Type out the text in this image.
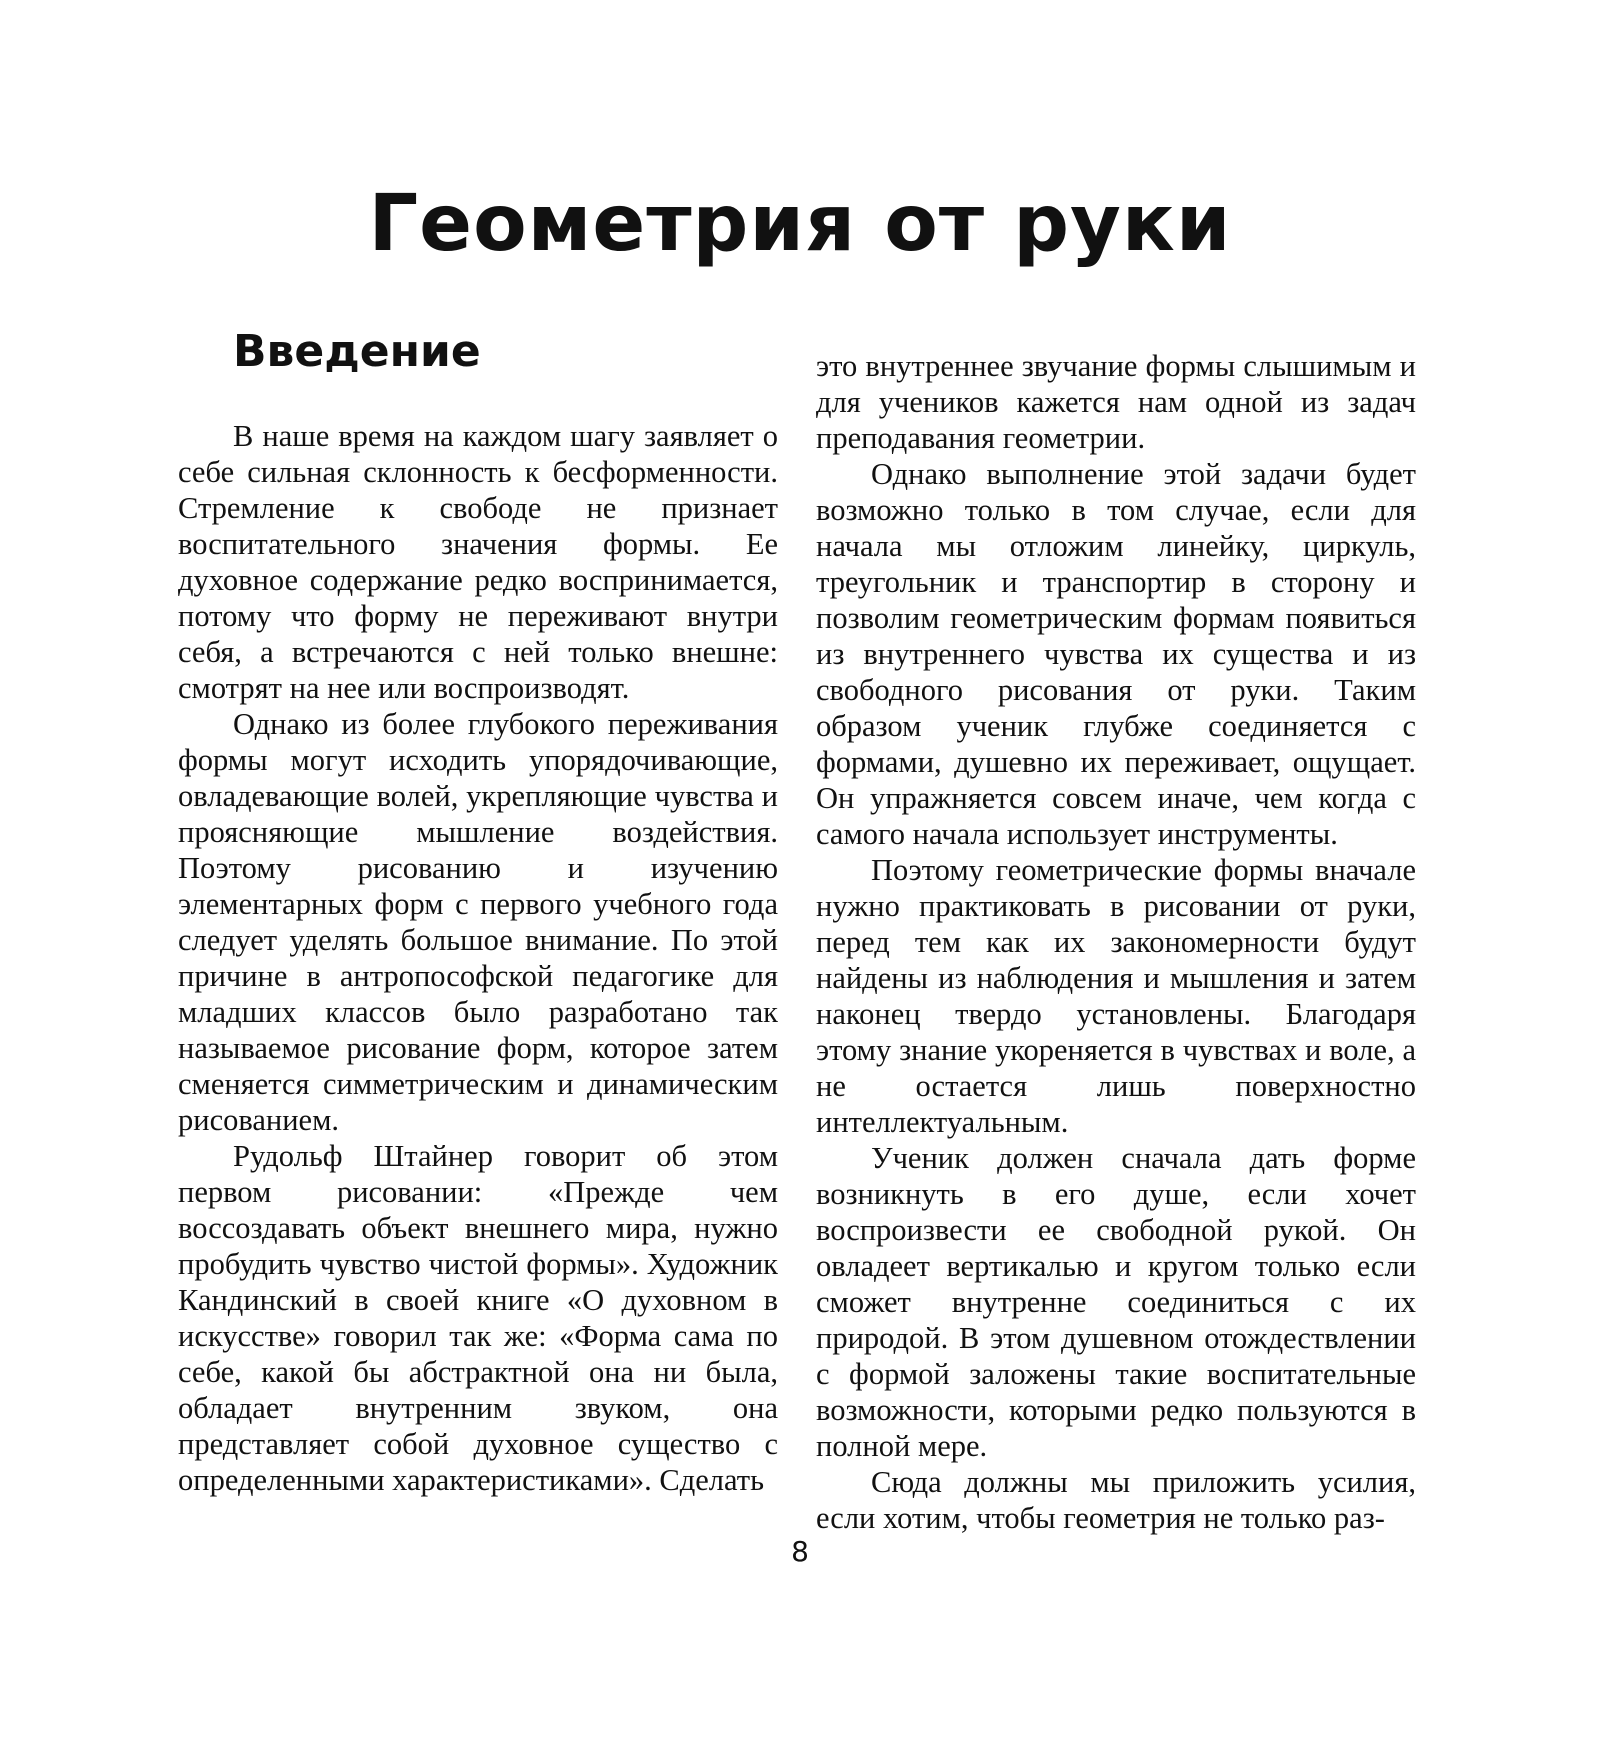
Геометрия от руки
Введение

В наше время на каждом шагу заявляет о себе сильная склонность к бесформенности. Стремление к свободе не признает воспитательного значения формы. Ее духовное содержание редко воспринимается, потому что форму не переживают внутри себя, а встречаются с ней только внешне: смотрят на нее или воспроизводят.

Однако из более глубокого переживания формы могут исходить упорядочивающие, овладевающие волей, укрепляющие чувства и проясняющие мышление воздействия. Поэтому рисованию и изучению элементарных форм с первого учебного года следует уделять большое внимание. По этой причине в антропософской педагогике для младших классов было разработано так называемое рисование форм, которое затем сменяется симметрическим и динамическим рисованием.

Рудольф Штайнер говорит об этом первом рисовании: «Прежде чем воссоздавать объект внешнего мира, нужно пробудить чувство чистой формы». Художник Кандинский в своей книге «О духовном в искусстве» говорил так же: «Форма сама по себе, какой бы абстрактной она ни была, обладает внутренним звуком, она представляет собой духовное существо с определенными характеристиками». Сделать

это внутреннее звучание формы слышимым и для учеников кажется нам одной из задач преподавания геометрии.

Однако выполнение этой задачи будет возможно только в том случае, если для начала мы отложим линейку, циркуль, треугольник и транспортир в сторону и позволим геометрическим формам появиться из внутреннего чувства их существа и из свободного рисования от руки. Таким образом ученик глубже соединяется с формами, душевно их переживает, ощущает. Он упражняется совсем иначе, чем когда с самого начала использует инструменты.

Поэтому геометрические формы вначале нужно практиковать в рисовании от руки, перед тем как их закономерности будут найдены из наблюдения и мышления и затем наконец твердо установлены. Благодаря этому знание укореняется в чувствах и воле, а не остается лишь поверхностно интеллектуальным.

Ученик должен сначала дать форме возникнуть в его душе, если хочет воспроизвести ее свободной рукой. Он овладеет вертикалью и кругом только если сможет внутренне соединиться с их природой. В этом душевном отождествлении с формой заложены такие воспитательные возможности, которыми редко пользуются в полной мере.

Сюда должны мы приложить усилия, если хотим, чтобы геометрия не только раз-

8
